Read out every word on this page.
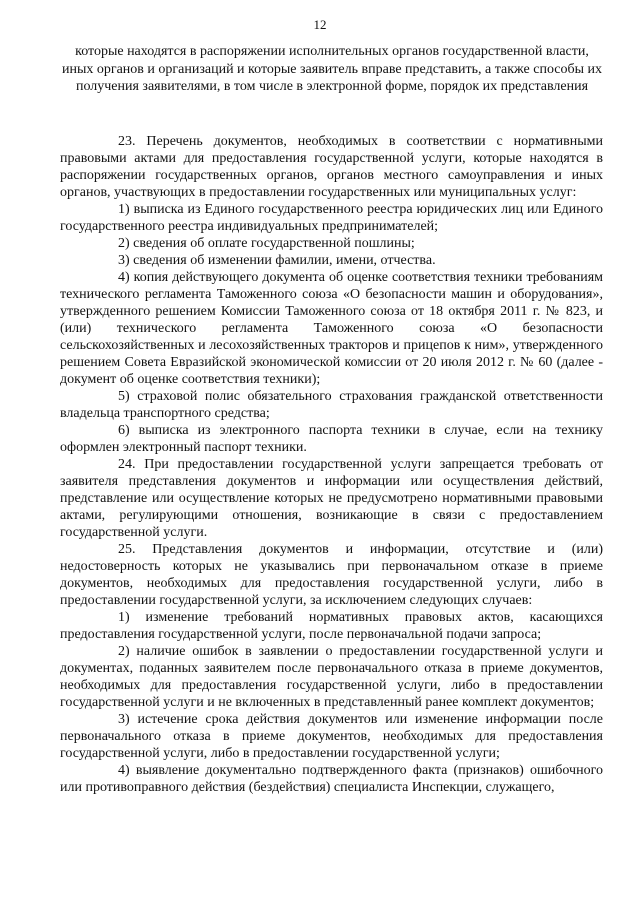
12
которые находятся в распоряжении исполнительных органов государственной власти, иных органов и организаций и которые заявитель вправе представить, а также способы их получения заявителями, в том числе в электронной форме, порядок их представления

23. Перечень документов, необходимых в соответствии с нормативными правовыми актами для предоставления государственной услуги, которые находятся в распоряжении государственных органов, органов местного самоуправления и иных органов, участвующих в предоставлении государственных или муниципальных услуг:

1) выписка из Единого государственного реестра юридических лиц или Единого государственного реестра индивидуальных предпринимателей;

2) сведения об оплате государственной пошлины;

3) сведения об изменении фамилии, имени, отчества.

4) копия действующего документа об оценке соответствия техники требованиям технического регламента Таможенного союза «О безопасности машин и оборудования», утвержденного решением Комиссии Таможенного союза от 18 октября 2011 г. № 823, и (или) технического регламента Таможенного союза «О безопасности сельскохозяйственных и лесохозяйственных тракторов и прицепов к ним», утвержденного решением Совета Евразийской экономической комиссии от 20 июля 2012 г. № 60 (далее - документ об оценке соответствия техники);

5) страховой полис обязательного страхования гражданской ответственности владельца транспортного средства;

6) выписка из электронного паспорта техники в случае, если на технику оформлен электронный паспорт техники.

24. При предоставлении государственной услуги запрещается требовать от заявителя представления документов и информации или осуществления действий, представление или осуществление которых не предусмотрено нормативными правовыми актами, регулирующими отношения, возникающие в связи с предоставлением государственной услуги.

25. Представления документов и информации, отсутствие и (или) недостоверность которых не указывались при первоначальном отказе в приеме документов, необходимых для предоставления государственной услуги, либо в предоставлении государственной услуги, за исключением следующих случаев:

1) изменение требований нормативных правовых актов, касающихся предоставления государственной услуги, после первоначальной подачи запроса;

2) наличие ошибок в заявлении о предоставлении государственной услуги и документах, поданных заявителем после первоначального отказа в приеме документов, необходимых для предоставления государственной услуги, либо в предоставлении государственной услуги и не включенных в представленный ранее комплект документов;

3) истечение срока действия документов или изменение информации после первоначального отказа в приеме документов, необходимых для предоставления государственной услуги, либо в предоставлении государственной услуги;

4) выявление документально подтвержденного факта (признаков) ошибочного или противоправного действия (бездействия) специалиста Инспекции, служащего,
